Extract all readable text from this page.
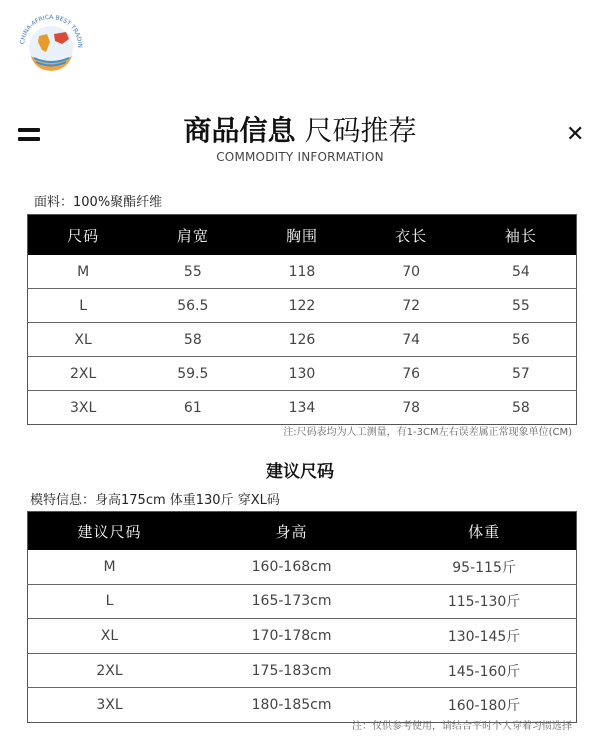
CHINA-AFRICA BEST TRADIN
✕
商品信息 尺码推荐
COMMODITY INFORMATION
面料：100%聚酯纤维
尺码	肩宽	胸围	衣长	袖长
M	55	118	70	54
L	56.5	122	72	55
XL	58	126	74	56
2XL	59.5	130	76	57
3XL	61	134	78	58
注:尺码表均为人工测量，有1-3CM左右误差属正常现象单位(CM)
建议尺码
模特信息：身高175cm 体重130斤 穿XL码
建议尺码	身高	体重
M	160-168cm	95-115斤
L	165-173cm	115-130斤
XL	170-178cm	130-145斤
2XL	175-183cm	145-160斤
3XL	180-185cm	160-180斤
注：仅供参考使用，请结合平时个人穿着习惯选择
